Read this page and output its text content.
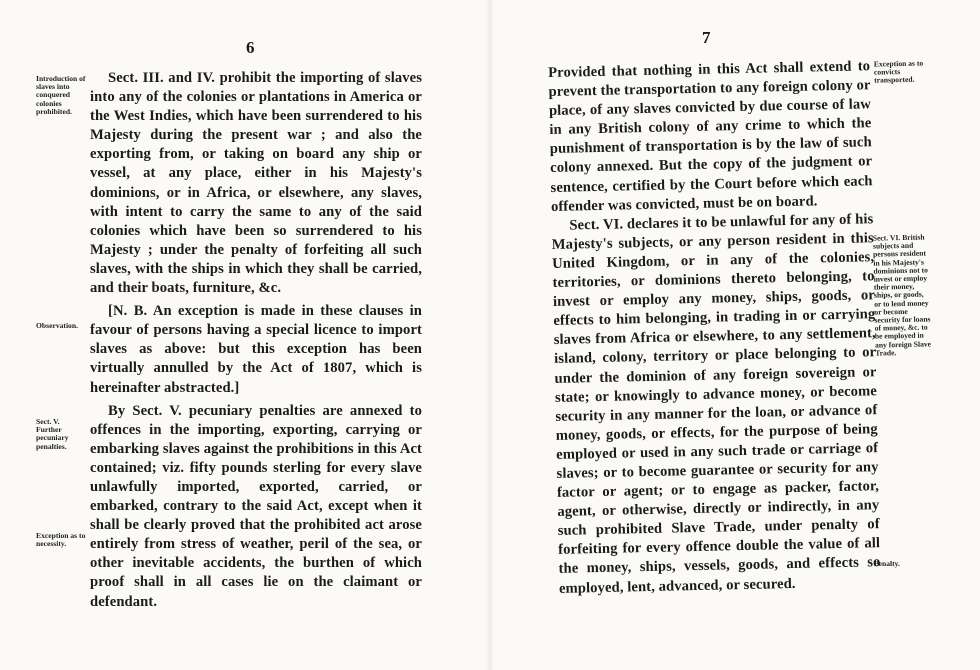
6
Introduction of slaves into conquered colonies prohibited.
Observation.
Sect. V. Further pecuniary penalties.
Exception as to necessity.

Sect. III. and IV. prohibit the importing of slaves into any of the colonies or plantations in America or the West Indies, which have been surrendered to his Majesty during the present war ; and also the exporting from, or taking on board any ship or vessel, at any place, either in his Majesty's dominions, or in Africa, or elsewhere, any slaves, with intent to carry the same to any of the said colonies which have been so surrendered to his Majesty ; under the penalty of forfeiting all such slaves, with the ships in which they shall be carried, and their boats, furniture, &c.

[N. B. An exception is made in these clauses in favour of persons having a special licence to import slaves as above: but this exception has been virtually annulled by the Act of 1807, which is hereinafter abstracted.]

By Sect. V. pecuniary penalties are annexed to offences in the importing, exporting, carrying or embarking slaves against the prohibitions in this Act contained; viz. fifty pounds sterling for every slave unlawfully imported, exported, carried, or embarked, contrary to the said Act, except when it shall be clearly proved that the prohibited act arose entirely from stress of weather, peril of the sea, or other inevitable accidents, the burthen of which proof shall in all cases lie on the claimant or defendant.

7
Exception as to convicts transported.
Sect. VI. British subjects and persons resident in his Majesty's dominions not to invest or employ their money, ships, or goods, or to lend money or become security for loans of money, &c. to be employed in any foreign Slave Trade.
Penalty.

Provided that nothing in this Act shall extend to prevent the transportation to any foreign colony or place, of any slaves convicted by due course of law in any British colony of any crime to which the punishment of transportation is by the law of such colony annexed. But the copy of the judgment or sentence, certified by the Court before which each offender was convicted, must be on board.

Sect. VI. declares it to be unlawful for any of his Majesty's subjects, or any person resident in this United Kingdom, or in any of the colonies, territories, or dominions thereto belonging, to invest or employ any money, ships, goods, or effects to him belonging, in trading in or carrying slaves from Africa or elsewhere, to any settlement, island, colony, territory or place belonging to or under the dominion of any foreign sovereign or state; or knowingly to advance money, or become security in any manner for the loan, or advance of money, goods, or effects, for the purpose of being employed or used in any such trade or carriage of slaves; or to become guarantee or security for any factor or agent; or to engage as packer, factor, agent, or otherwise, directly or indirectly, in any such prohibited Slave Trade, under penalty of forfeiting for every offence double the value of all the money, ships, vessels, goods, and effects so employed, lent, advanced, or secured.
